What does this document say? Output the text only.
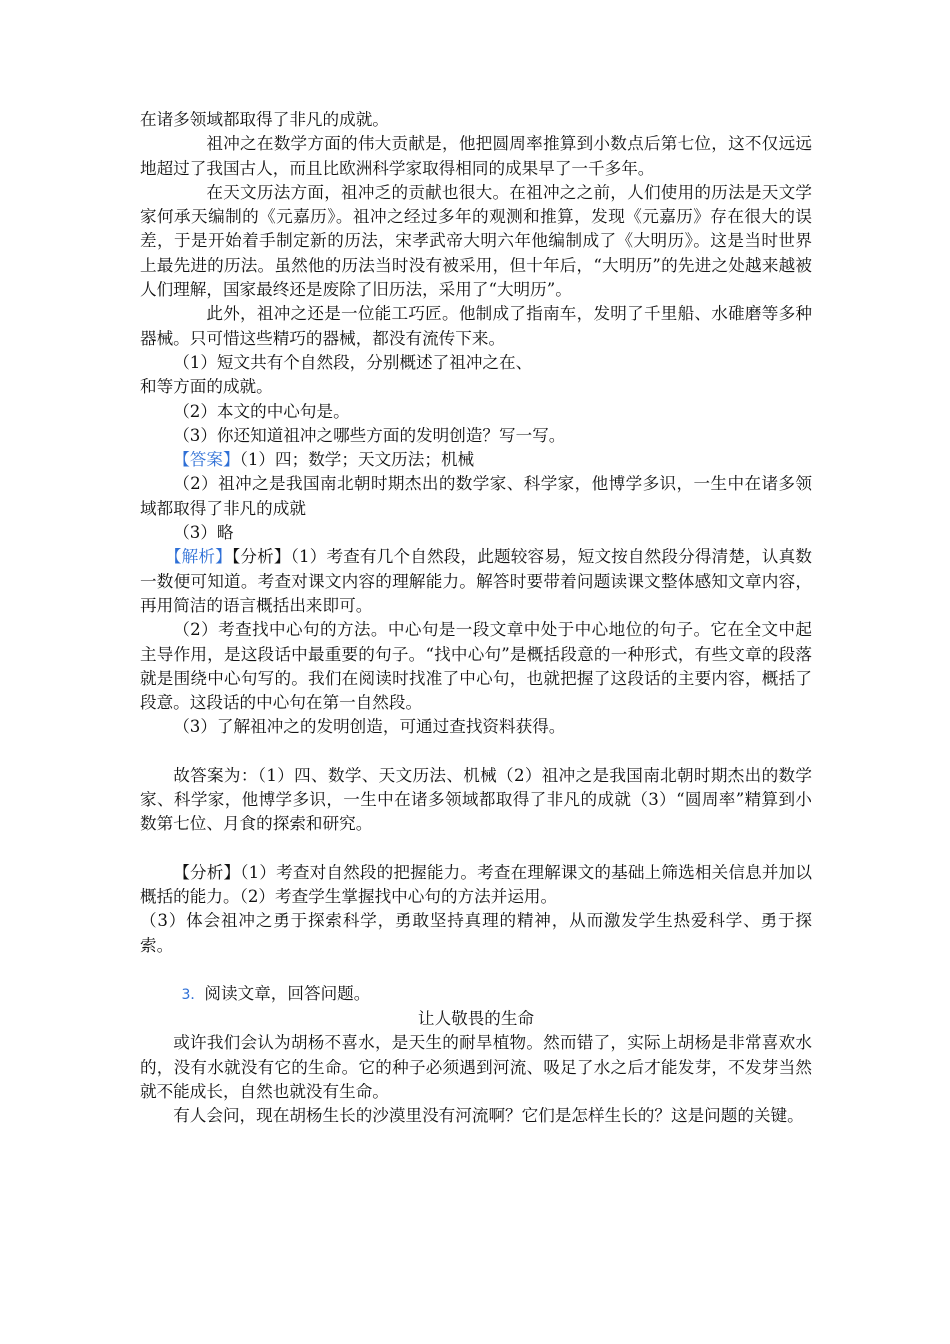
在诸多领域都取得了非凡的成就。

祖冲之在数学方面的伟大贡献是，他把圆周率推算到小数点后第七位，这不仅远远地超过了我国古人，而且比欧洲科学家取得相同的成果早了一千多年。

在天文历法方面，祖冲乏的贡献也很大。在祖冲之之前，人们使用的历法是天文学家何承天编制的《元嘉历》。祖冲之经过多年的观测和推算，发现《元嘉历》存在很大的误差，于是开始着手制定新的历法，宋孝武帝大明六年他编制成了《大明历》。这是当时世界上最先进的历法。虽然他的历法当时没有被采用，但十年后，“大明历”的先进之处越来越被人们理解，国家最终还是废除了旧历法，采用了“大明历”。

此外，祖冲之还是一位能工巧匠。他制成了指南车，发明了千里船、水碓磨等多种器械。只可惜这些精巧的器械，都没有流传下来。

（1）短文共有个自然段，分别概述了祖冲之在、

和等方面的成就。

（2）本文的中心句是。

（3）你还知道祖冲之哪些方面的发明创造？写一写。

【答案】（1）四；数学；天文历法；机械

（2）祖冲之是我国南北朝时期杰出的数学家、科学家，他博学多识，一生中在诸多领域都取得了非凡的成就

（3）略

【解析】【分析】（1）考查有几个自然段，此题较容易，短文按自然段分得清楚，认真数一数便可知道。考查对课文内容的理解能力。解答时要带着问题读课文整体感知文章内容，再用简洁的语言概括出来即可。

（2）考查找中心句的方法。中心句是一段文章中处于中心地位的句子。它在全文中起主导作用，是这段话中最重要的句子。“找中心句”是概括段意的一种形式，有些文章的段落就是围绕中心句写的。我们在阅读时找准了中心句，也就把握了这段话的主要内容，概括了段意。这段话的中心句在第一自然段。

（3）了解祖冲之的发明创造，可通过查找资料获得。

故答案为：（1）四、数学、天文历法、机械（2）祖冲之是我国南北朝时期杰出的数学家、科学家，他博学多识，一生中在诸多领域都取得了非凡的成就（3）“圆周率”精算到小数第七位、月食的探索和研究。

【分析】（1）考查对自然段的把握能力。考查在理解课文的基础上筛选相关信息并加以概括的能力。（2）考查学生掌握找中心句的方法并运用。

（3）体会祖冲之勇于探索科学，勇敢坚持真理的精神，从而激发学生热爱科学、勇于探索。

3．阅读文章，回答问题。

让人敬畏的生命

或许我们会认为胡杨不喜水，是天生的耐旱植物。然而错了，实际上胡杨是非常喜欢水的，没有水就没有它的生命。它的种子必须遇到河流、吸足了水之后才能发芽，不发芽当然就不能成长，自然也就没有生命。

有人会问，现在胡杨生长的沙漠里没有河流啊？它们是怎样生长的？这是问题的关键。
